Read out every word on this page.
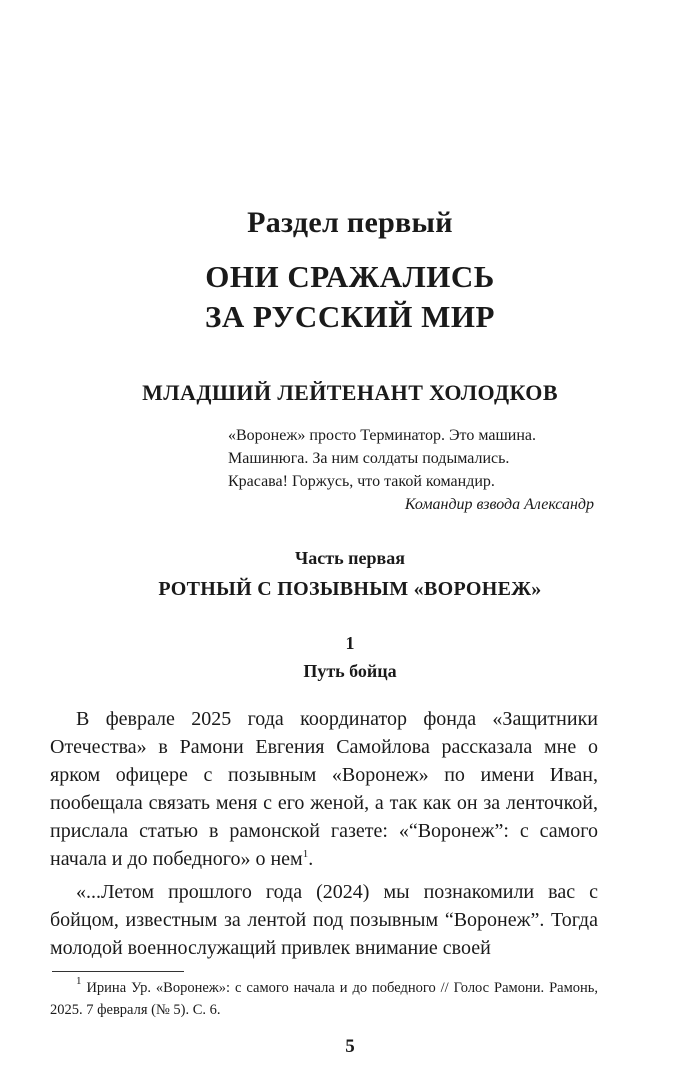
Раздел первый
ОНИ СРАЖАЛИСЬ
ЗА РУССКИЙ МИР
МЛАДШИЙ ЛЕЙТЕНАНТ ХОЛОДКОВ
«Воронеж» просто Терминатор. Это машина.
Машинюга. За ним солдаты подымались.
Красава! Горжусь, что такой командир.
Командир взвода Александр
Часть первая
РОТНЫЙ С ПОЗЫВНЫМ «ВОРОНЕЖ»
1
Путь бойца

В феврале 2025 года координатор фонда «Защитники Отечества» в Рамони Евгения Самойлова рассказала мне о ярком офицере с позывным «Воронеж» по имени Иван, пообещала связать меня с его женой, а так как он за ленточкой, прислала статью в рамонской газете: «“Воронеж”: с самого начала и до победного» о нем$^1$.

«...Летом прошлого года (2024) мы познакомили вас с бойцом, известным за лентой под позывным “Воронеж”. Тогда молодой военнослужащий привлек внимание своей

$^1$ Ирина Ур. «Воронеж»: с самого начала и до победного // Голос Рамони. Рамонь, 2025. 7 февраля (№ 5). С. 6.
5
